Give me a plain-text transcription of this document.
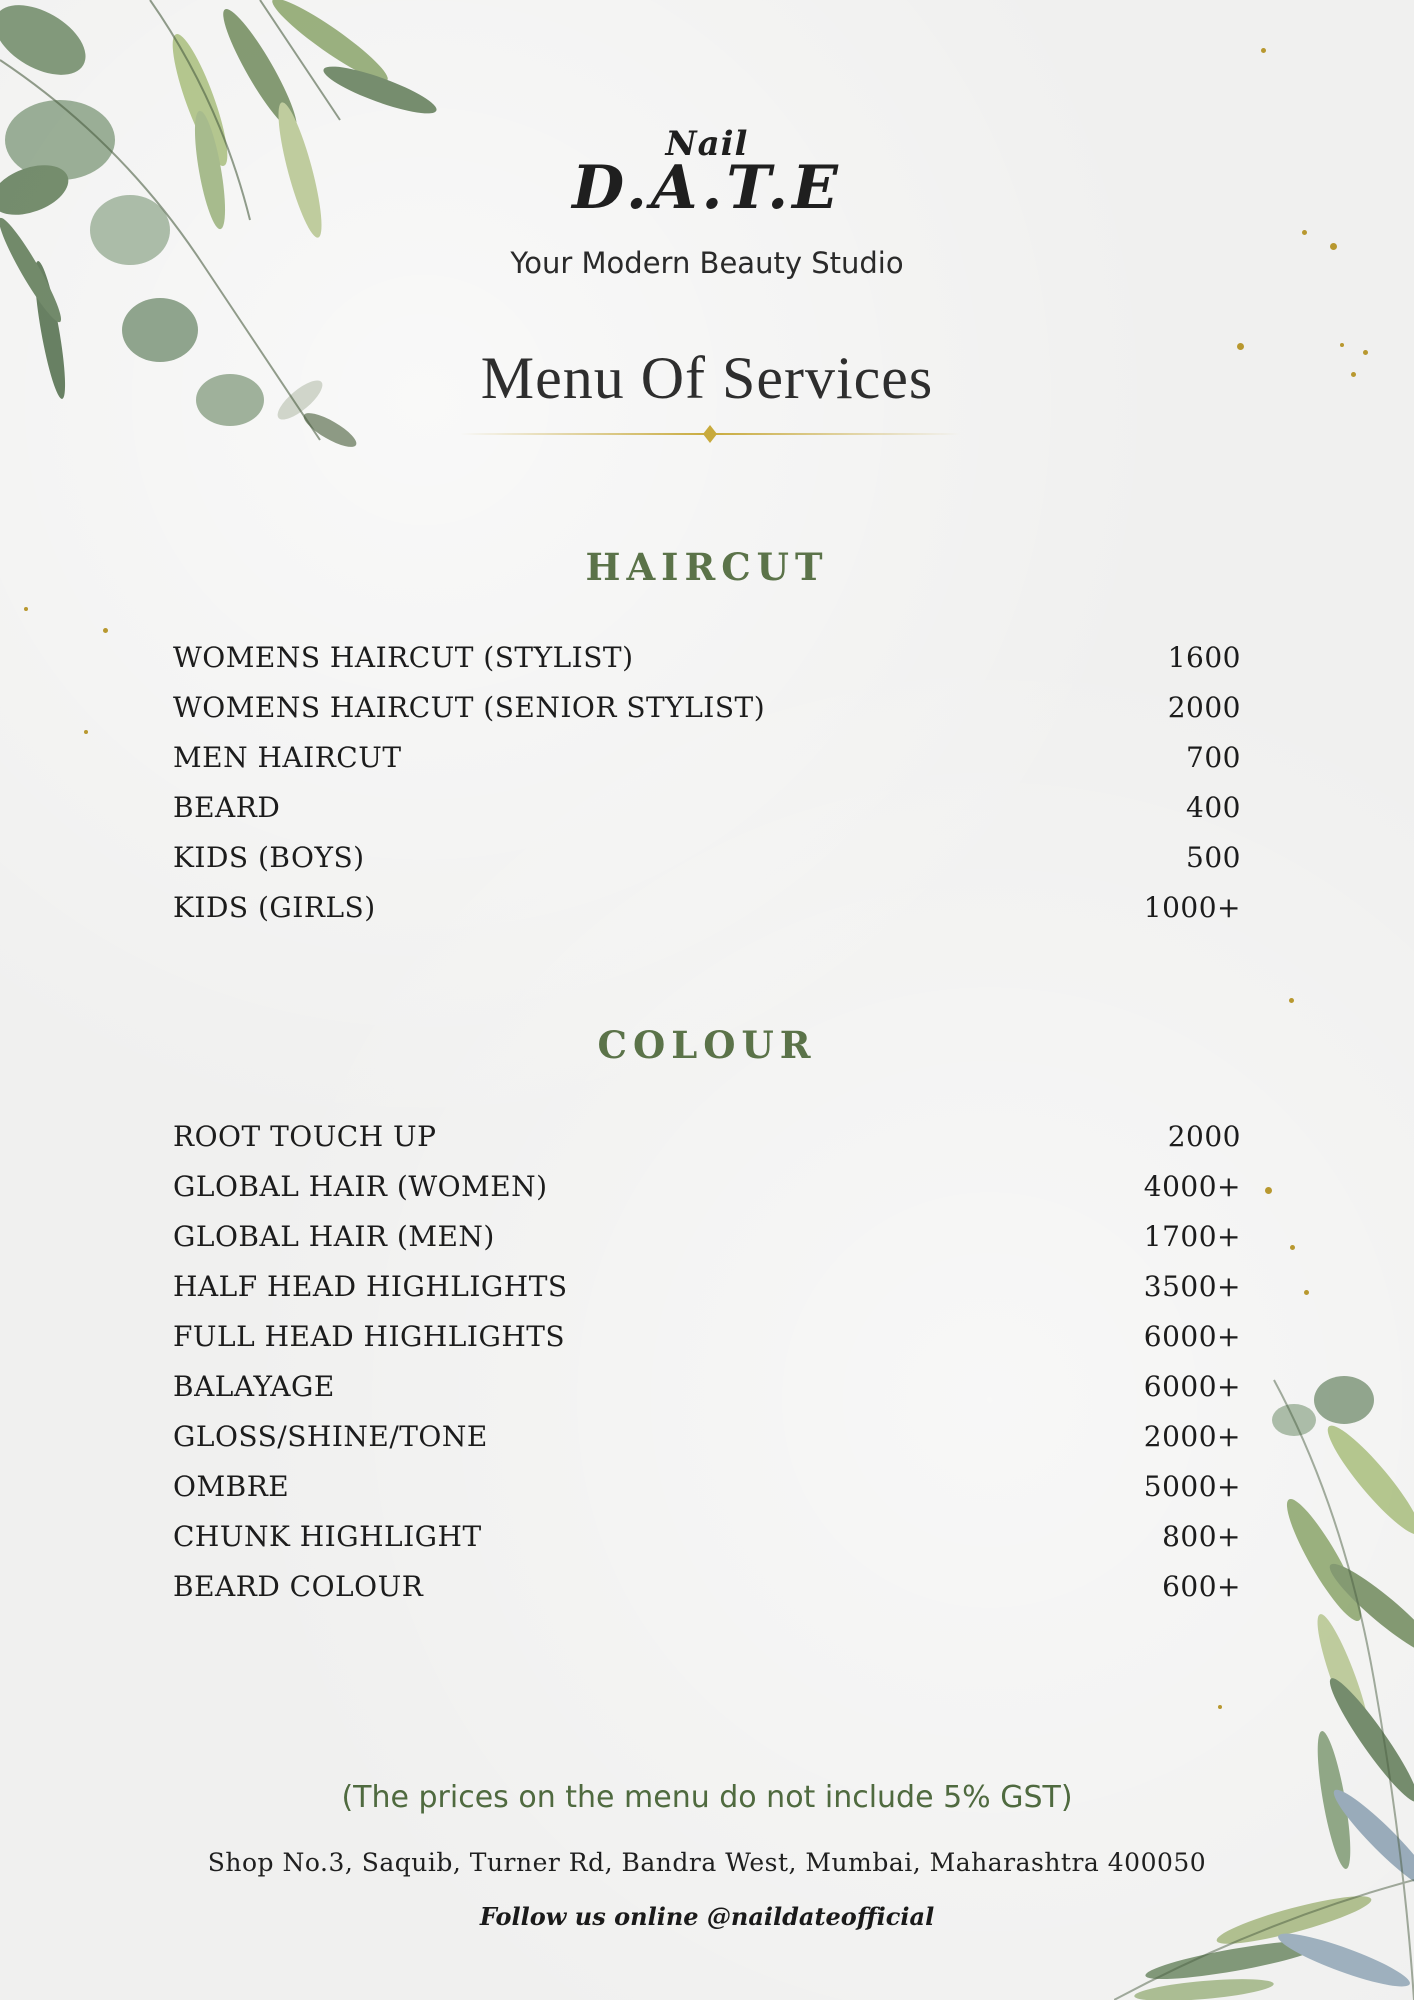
Nail
D.A.T.E
Your Modern Beauty Studio
Menu Of Services
HAIRCUT
WOMENS HAIRCUT (STYLIST)	1600
WOMENS HAIRCUT (SENIOR STYLIST)	2000
MEN HAIRCUT	700
BEARD	400
KIDS (BOYS)	500
KIDS (GIRLS)	1000+
COLOUR
ROOT TOUCH UP	2000
GLOBAL HAIR (WOMEN)	4000+
GLOBAL HAIR (MEN)	1700+
HALF HEAD HIGHLIGHTS	3500+
FULL HEAD HIGHLIGHTS	6000+
BALAYAGE	6000+
GLOSS/SHINE/TONE	2000+
OMBRE	5000+
CHUNK HIGHLIGHT	800+
BEARD COLOUR	600+
(The prices on the menu do not include 5% GST)
Shop No.3, Saquib, Turner Rd, Bandra West, Mumbai, Maharashtra 400050
Follow us online @naildateofficial
